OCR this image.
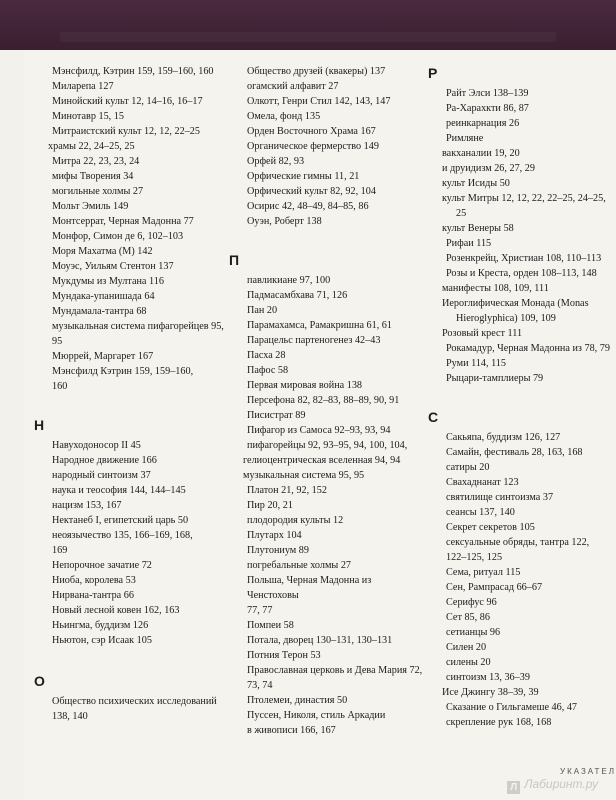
Мэнсфилд, Кэтрин 159, 159–160, 160
Миларепа 127
Минойский культ 12, 14–16, 16–17
Минотавр 15, 15
Митраистский культ 12, 12, 22–25
храмы 22, 24–25, 25
Митра 22, 23, 23, 24
мифы Творения 34
могильные холмы 27
Мольт Эмиль 149
Монтсеррат, Черная Мадонна 77
Монфор, Симон де 6, 102–103
Моря Махатма (М) 142
Моуэс, Уильям Стентон 137
Мукдумы из Мултана 116
Мундака-упанишада 64
Мундамала-тантра 68
музыкальная система пифагорейцев 95,
95
Мюррей, Маргарет 167
Мэнсфилд Кэтрин 159, 159–160,
160
Н
Навуходоносор II 45
Народное движение 166
народный синтоизм 37
наука и теософия 144, 144–145
нацизм 153, 167
Нектанеб I, египетский царь 50
неоязычество 135, 166–169, 168,
169
Непорочное зачатие 72
Ниоба, королева 53
Нирвана-тантра 66
Новый лесной ковен 162, 163
Ньингма, буддизм 126
Ньютон, сэр Исаак 105
О
Общество психических исследований
138, 140
Общество друзей (квакеры) 137
огамский алфавит 27
Олкотт, Генри Стил 142, 143, 147
Омела, фонд 135
Орден Восточного Храма 167
Органическое фермерство 149
Орфей 82, 93
Орфические гимны 11, 21
Орфический культ 82, 92, 104
Осирис 42, 48–49, 84–85, 86
Оуэн, Роберт 138
П
павликиане 97, 100
Падмасамбхава 71, 126
Пан 20
Парамахамса, Рамакришна 61, 61
Парацельс партеногенез 42–43
Пасха 28
Пафос 58
Первая мировая война 138
Персефона 82, 82–83, 88–89, 90, 91
Писистрат 89
Пифагор из Самоса 92–93, 93, 94
пифагорейцы 92, 93–95, 94, 100, 104,
гелиоцентрическая вселенная 94, 94
музыкальная система 95, 95
Платон 21, 92, 152
Пир 20, 21
плодородия культы 12
Плутарх 104
Плутониум 89
погребальные холмы 27
Польша, Черная Мадонна из Ченстоховы
77, 77
Помпеи 58
Потала, дворец 130–131, 130–131
Потния Терон 53
Православная церковь и Дева Мария 72,
73, 74
Птолемеи, династия 50
Пуссен, Николя, стиль Аркадии
в живописи 166, 167
Р
Райт Элси 138–139
Ра-Харахкти 86, 87
реинкарнация 26
Римляне
вакханалии 19, 20
и друидизм 26, 27, 29
культ Исиды 50
культ Митры 12, 12, 22, 22–25, 24–25,
25
культ Венеры 58
Рифаи 115
Розенкрейц, Христиан 108, 110–113
Розы и Креста, орден 108–113, 148
манифесты 108, 109, 111
Иероглифическая Монада (Monas
Hieroglyphica) 109, 109
Розовый крест 111
Рокамадур, Черная Мадонна из 78, 79
Руми 114, 115
Рыцари-тамплиеры 79
С
Сакьяпа, буддизм 126, 127
Самайн, фестиваль 28, 163, 168
сатиры 20
Свахаднанат 123
святилище синтоизма 37
сеансы 137, 140
Секрет секретов 105
сексуальные обряды, тантра 122,
122–125, 125
Сема, ритуал 115
Сен, Рампрасад 66–67
Серифус 96
Сет 85, 86
сетианцы 96
Силен 20
силены 20
синтоизм 13, 36–39
Исе Джингу 38–39, 39
Сказание о Гильгамеше 46, 47
скрепление рук 168, 168
УКАЗАТЕЛ
Л Лабиринт.ру
